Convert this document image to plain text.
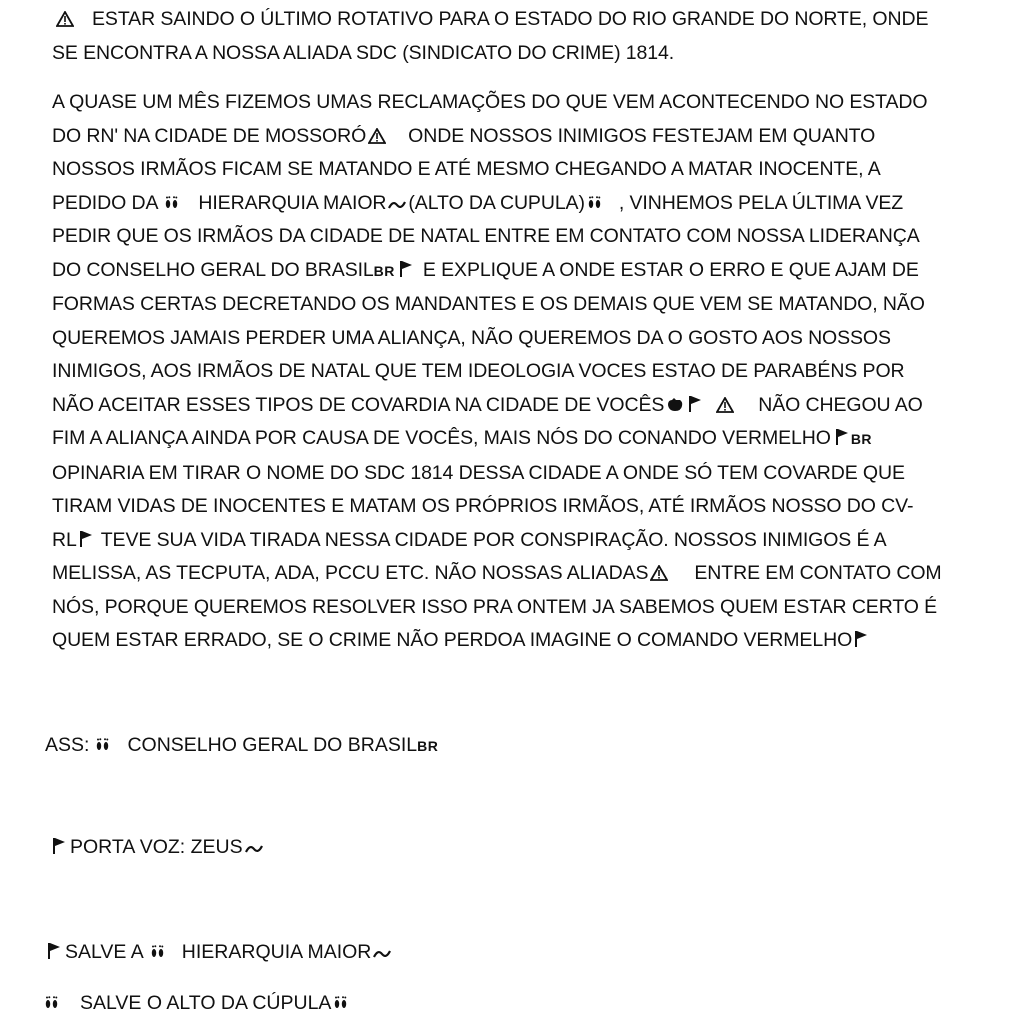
ESTAR SAINDO O ÚLTIMO ROTATIVO PARA O ESTADO DO RIO GRANDE DO NORTE, ONDE
SE ENCONTRA A NOSSA ALIADA SDC (SINDICATO DO CRIME) 1814.
A QUASE UM MÊS FIZEMOS UMAS RECLAMAÇÕES DO QUE VEM ACONTECENDO NO ESTADO
DO RN' NA CIDADE DE MOSSORÓ ONDE NOSSOS INIMIGOS FESTEJAM EM QUANTO
NOSSOS IRMÃOS FICAM SE MATANDO E ATÉ MESMO CHEGANDO A MATAR INOCENTE, A
PEDIDO DA HIERARQUIA MAIOR (ALTO DA CUPULA) , VINHEMOS PELA ÚLTIMA VEZ
PEDIR QUE OS IRMÃOS DA CIDADE DE NATAL ENTRE EM CONTATO COM NOSSA LIDERANÇA
DO CONSELHO GERAL DO BRASILBR E EXPLIQUE A ONDE ESTAR O ERRO E QUE AJAM DE
FORMAS CERTAS DECRETANDO OS MANDANTES E OS DEMAIS QUE VEM SE MATANDO, NÃO
QUEREMOS JAMAIS PERDER UMA ALIANÇA, NÃO QUEREMOS DA O GOSTO AOS NOSSOS
INIMIGOS, AOS IRMÃOS DE NATAL QUE TEM IDEOLOGIA VOCES ESTAO DE PARABÉNS POR
NÃO ACEITAR ESSES TIPOS DE COVARDIA NA CIDADE DE VOCÊS	NÃO CHEGOU AO
FIM A ALIANÇA AINDA POR CAUSA DE VOCÊS, MAIS NÓS DO CONANDO VERMELHO BR
OPINARIA EM TIRAR O NOME DO SDC 1814 DESSA CIDADE A ONDE SÓ TEM COVARDE QUE
TIRAM VIDAS DE INOCENTES E MATAM OS PRÓPRIOS IRMÃOS, ATÉ IRMÃOS NOSSO DO CV-
RL TEVE SUA VIDA TIRADA NESSA CIDADE POR CONSPIRAÇÃO. NOSSOS INIMIGOS É A
MELISSA, AS TECPUTA, ADA, PCCU ETC. NÃO NOSSAS ALIADAS ENTRE EM CONTATO COM
NÓS, PORQUE QUEREMOS RESOLVER ISSO PRA ONTEM JA SABEMOS QUEM ESTAR CERTO É
QUEM ESTAR ERRADO, SE O CRIME NÃO PERDOA IMAGINE O COMANDO VERMELHO
ASS: CONSELHO GERAL DO BRASILBR
PORTA VOZ: ZEUS
SALVE A HIERARQUIA MAIOR
SALVE O ALTO DA CÚPULA
